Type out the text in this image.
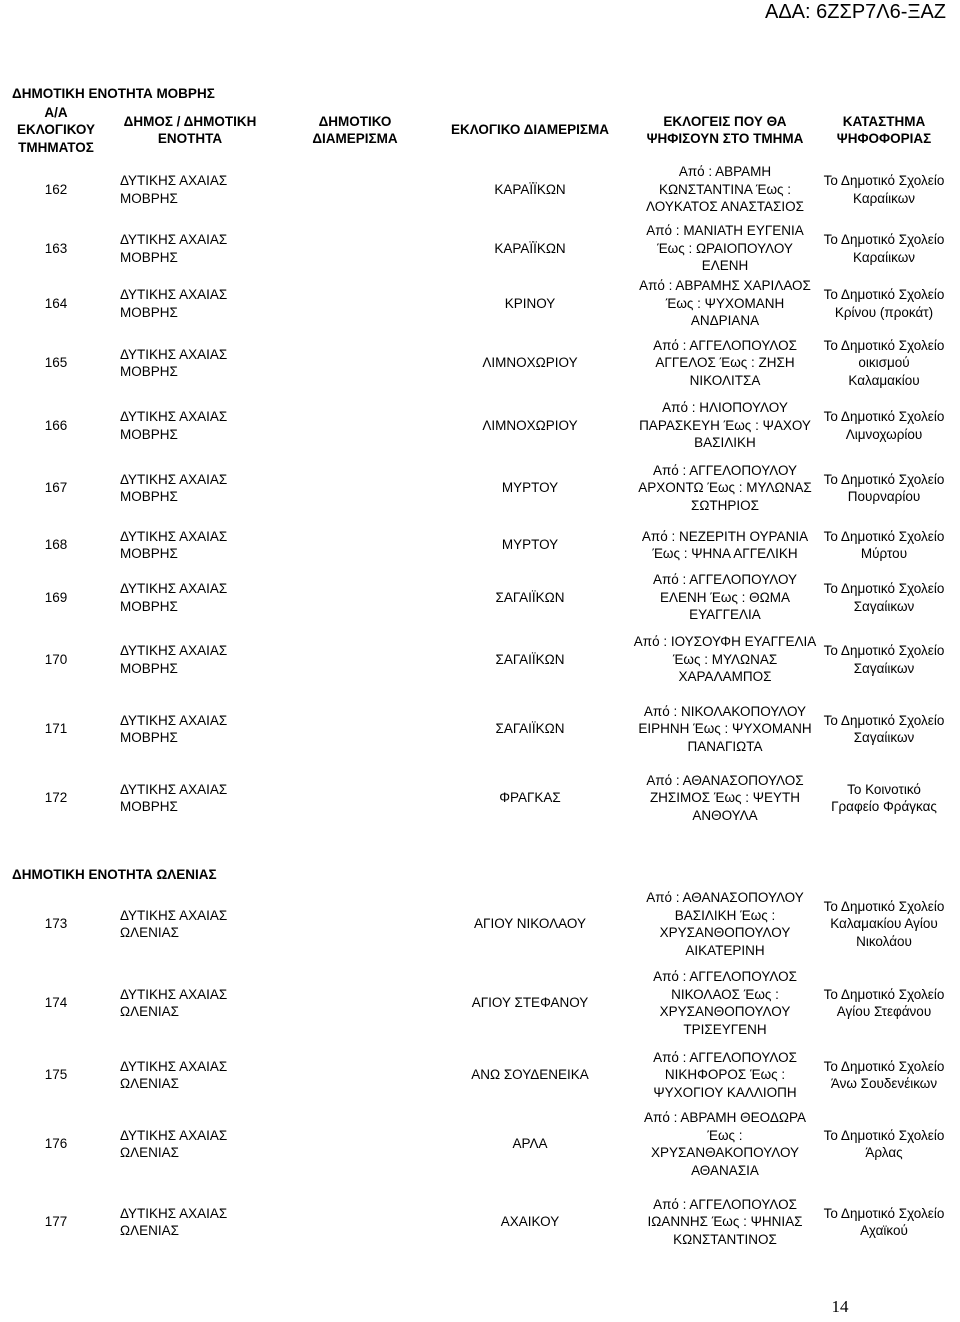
ΑΔΑ: 6ΖΣΡ7Λ6-ΞΑΖ
ΔΗΜΟΤΙΚΗ ΕΝΟΤΗΤΑ ΜΟΒΡΗΣ
Α/Α ΕΚΛΟΓΙΚΟΥ ΤΜΗΜΑΤΟΣ	ΔΗΜΟΣ / ΔΗΜΟΤΙΚΗ ΕΝΟΤΗΤΑ	ΔΗΜΟΤΙΚΟ ΔΙΑΜΕΡΙΣΜΑ	ΕΚΛΟΓΙΚΟ ΔΙΑΜΕΡΙΣΜΑ	ΕΚΛΟΓΕΙΣ ΠΟΥ ΘΑ ΨΗΦΙΣΟΥΝ ΣΤΟ ΤΜΗΜΑ	ΚΑΤΑΣΤΗΜΑ ΨΗΦΟΦΟΡΙΑΣ
162	ΔΥΤΙΚΗΣ ΑΧΑΙΑΣ ΜΟΒΡΗΣ		ΚΑΡΑΪΪΚΩΝ	Από : ΑΒΡΑΜΗ ΚΩΝΣΤΑΝΤΙΝΑ Έως : ΛΟΥΚΑΤΟΣ ΑΝΑΣΤΑΣΙΟΣ	Το Δημοτικό Σχολείο Καραίικων
163	ΔΥΤΙΚΗΣ ΑΧΑΙΑΣ ΜΟΒΡΗΣ		ΚΑΡΑΪΪΚΩΝ	Από : ΜΑΝΙΑΤΗ ΕΥΓΕΝΙΑ Έως : ΩΡΑΙΟΠΟΥΛΟΥ ΕΛΕΝΗ	Το Δημοτικό Σχολείο Καραίικων
164	ΔΥΤΙΚΗΣ ΑΧΑΙΑΣ ΜΟΒΡΗΣ		ΚΡΙΝΟΥ	Από : ΑΒΡΑΜΗΣ ΧΑΡΙΛΑΟΣ Έως : ΨΥΧΟΜΑΝΗ ΑΝΔΡΙΑΝΑ	Το Δημοτικό Σχολείο Κρίνου (προκάτ)
165	ΔΥΤΙΚΗΣ ΑΧΑΙΑΣ ΜΟΒΡΗΣ		ΛΙΜΝΟΧΩΡΙΟΥ	Από : ΑΓΓΕΛΟΠΟΥΛΟΣ ΑΓΓΕΛΟΣ Έως : ΖΗΣΗ ΝΙΚΟΛΙΤΣΑ	Το Δημοτικό Σχολείο οικισμού Καλαμακίου
166	ΔΥΤΙΚΗΣ ΑΧΑΙΑΣ ΜΟΒΡΗΣ		ΛΙΜΝΟΧΩΡΙΟΥ	Από : ΗΛΙΟΠΟΥΛΟΥ ΠΑΡΑΣΚΕΥΗ Έως : ΨΑΧΟΥ ΒΑΣΙΛΙΚΗ	Το Δημοτικό Σχολείο Λιμνοχωρίου
167	ΔΥΤΙΚΗΣ ΑΧΑΙΑΣ ΜΟΒΡΗΣ		ΜΥΡΤΟΥ	Από : ΑΓΓΕΛΟΠΟΥΛΟΥ ΑΡΧΟΝΤΩ Έως : ΜΥΛΩΝΑΣ ΣΩΤΗΡΙΟΣ	Το Δημοτικό Σχολείο Πουρναρίου
168	ΔΥΤΙΚΗΣ ΑΧΑΙΑΣ ΜΟΒΡΗΣ		ΜΥΡΤΟΥ	Από : ΝΕΖΕΡΙΤΗ ΟΥΡΑΝΙΑ Έως : ΨΗΝΑ ΑΓΓΕΛΙΚΗ	Το Δημοτικό Σχολείο Μύρτου
169	ΔΥΤΙΚΗΣ ΑΧΑΙΑΣ ΜΟΒΡΗΣ		ΣΑΓΑΙΪΚΩΝ	Από : ΑΓΓΕΛΟΠΟΥΛΟΥ ΕΛΕΝΗ Έως : ΘΩΜΑ ΕΥΑΓΓΕΛΙΑ	Το Δημοτικό Σχολείο Σαγαίικων
170	ΔΥΤΙΚΗΣ ΑΧΑΙΑΣ ΜΟΒΡΗΣ		ΣΑΓΑΙΪΚΩΝ	Από : ΙΟΥΣΟΥΦΗ ΕΥΑΓΓΕΛΙΑ Έως : ΜΥΛΩΝΑΣ ΧΑΡΑΛΑΜΠΟΣ	Το Δημοτικό Σχολείο Σαγαίικων
171	ΔΥΤΙΚΗΣ ΑΧΑΙΑΣ ΜΟΒΡΗΣ		ΣΑΓΑΙΪΚΩΝ	Από : ΝΙΚΟΛΑΚΟΠΟΥΛΟΥ ΕΙΡΗΝΗ Έως : ΨΥΧΟΜΑΝΗ ΠΑΝΑΓΙΩΤΑ	Το Δημοτικό Σχολείο Σαγαίικων
172	ΔΥΤΙΚΗΣ ΑΧΑΙΑΣ ΜΟΒΡΗΣ		ΦΡΑΓΚΑΣ	Από : ΑΘΑΝΑΣΟΠΟΥΛΟΣ ΖΗΣΙΜΟΣ Έως : ΨΕΥΤΗ ΑΝΘΟΥΛΑ	Το Κοινοτικό Γραφείο Φράγκας
ΔΗΜΟΤΙΚΗ ΕΝΟΤΗΤΑ ΩΛΕΝΙΑΣ
173	ΔΥΤΙΚΗΣ ΑΧΑΙΑΣ ΩΛΕΝΙΑΣ		ΑΓΙΟΥ ΝΙΚΟΛΑΟΥ	Από : ΑΘΑΝΑΣΟΠΟΥΛΟΥ ΒΑΣΙΛΙΚΗ Έως : ΧΡΥΣΑΝΘΟΠΟΥΛΟΥ ΑΙΚΑΤΕΡΙΝΗ	Το Δημοτικό Σχολείο Καλαμακίου Αγίου Νικολάου
174	ΔΥΤΙΚΗΣ ΑΧΑΙΑΣ ΩΛΕΝΙΑΣ		ΑΓΙΟΥ ΣΤΕΦΑΝΟΥ	Από : ΑΓΓΕΛΟΠΟΥΛΟΣ ΝΙΚΟΛΑΟΣ Έως : ΧΡΥΣΑΝΘΟΠΟΥΛΟΥ ΤΡΙΣΕΥΓΕΝΗ	Το Δημοτικό Σχολείο Αγίου Στεφάνου
175	ΔΥΤΙΚΗΣ ΑΧΑΙΑΣ ΩΛΕΝΙΑΣ		ΑΝΩ ΣΟΥΔΕΝΕΙΚΑ	Από : ΑΓΓΕΛΟΠΟΥΛΟΣ ΝΙΚΗΦΟΡΟΣ Έως : ΨΥΧΟΓΙΟΥ ΚΑΛΛΙΟΠΗ	Το Δημοτικό Σχολείο Άνω Σουδενέικων
176	ΔΥΤΙΚΗΣ ΑΧΑΙΑΣ ΩΛΕΝΙΑΣ		ΑΡΛΑ	Από : ΑΒΡΑΜΗ ΘΕΟΔΩΡΑ Έως : ΧΡΥΣΑΝΘΑΚΟΠΟΥΛΟΥ ΑΘΑΝΑΣΙΑ	Το Δημοτικό Σχολείο Άρλας
177	ΔΥΤΙΚΗΣ ΑΧΑΙΑΣ ΩΛΕΝΙΑΣ		ΑΧΑΙΚΟΥ	Από : ΑΓΓΕΛΟΠΟΥΛΟΣ ΙΩΑΝΝΗΣ Έως : ΨΗΝΙΑΣ ΚΩΝΣΤΑΝΤΙΝΟΣ	Το Δημοτικό Σχολείο Αχαϊκού
14
